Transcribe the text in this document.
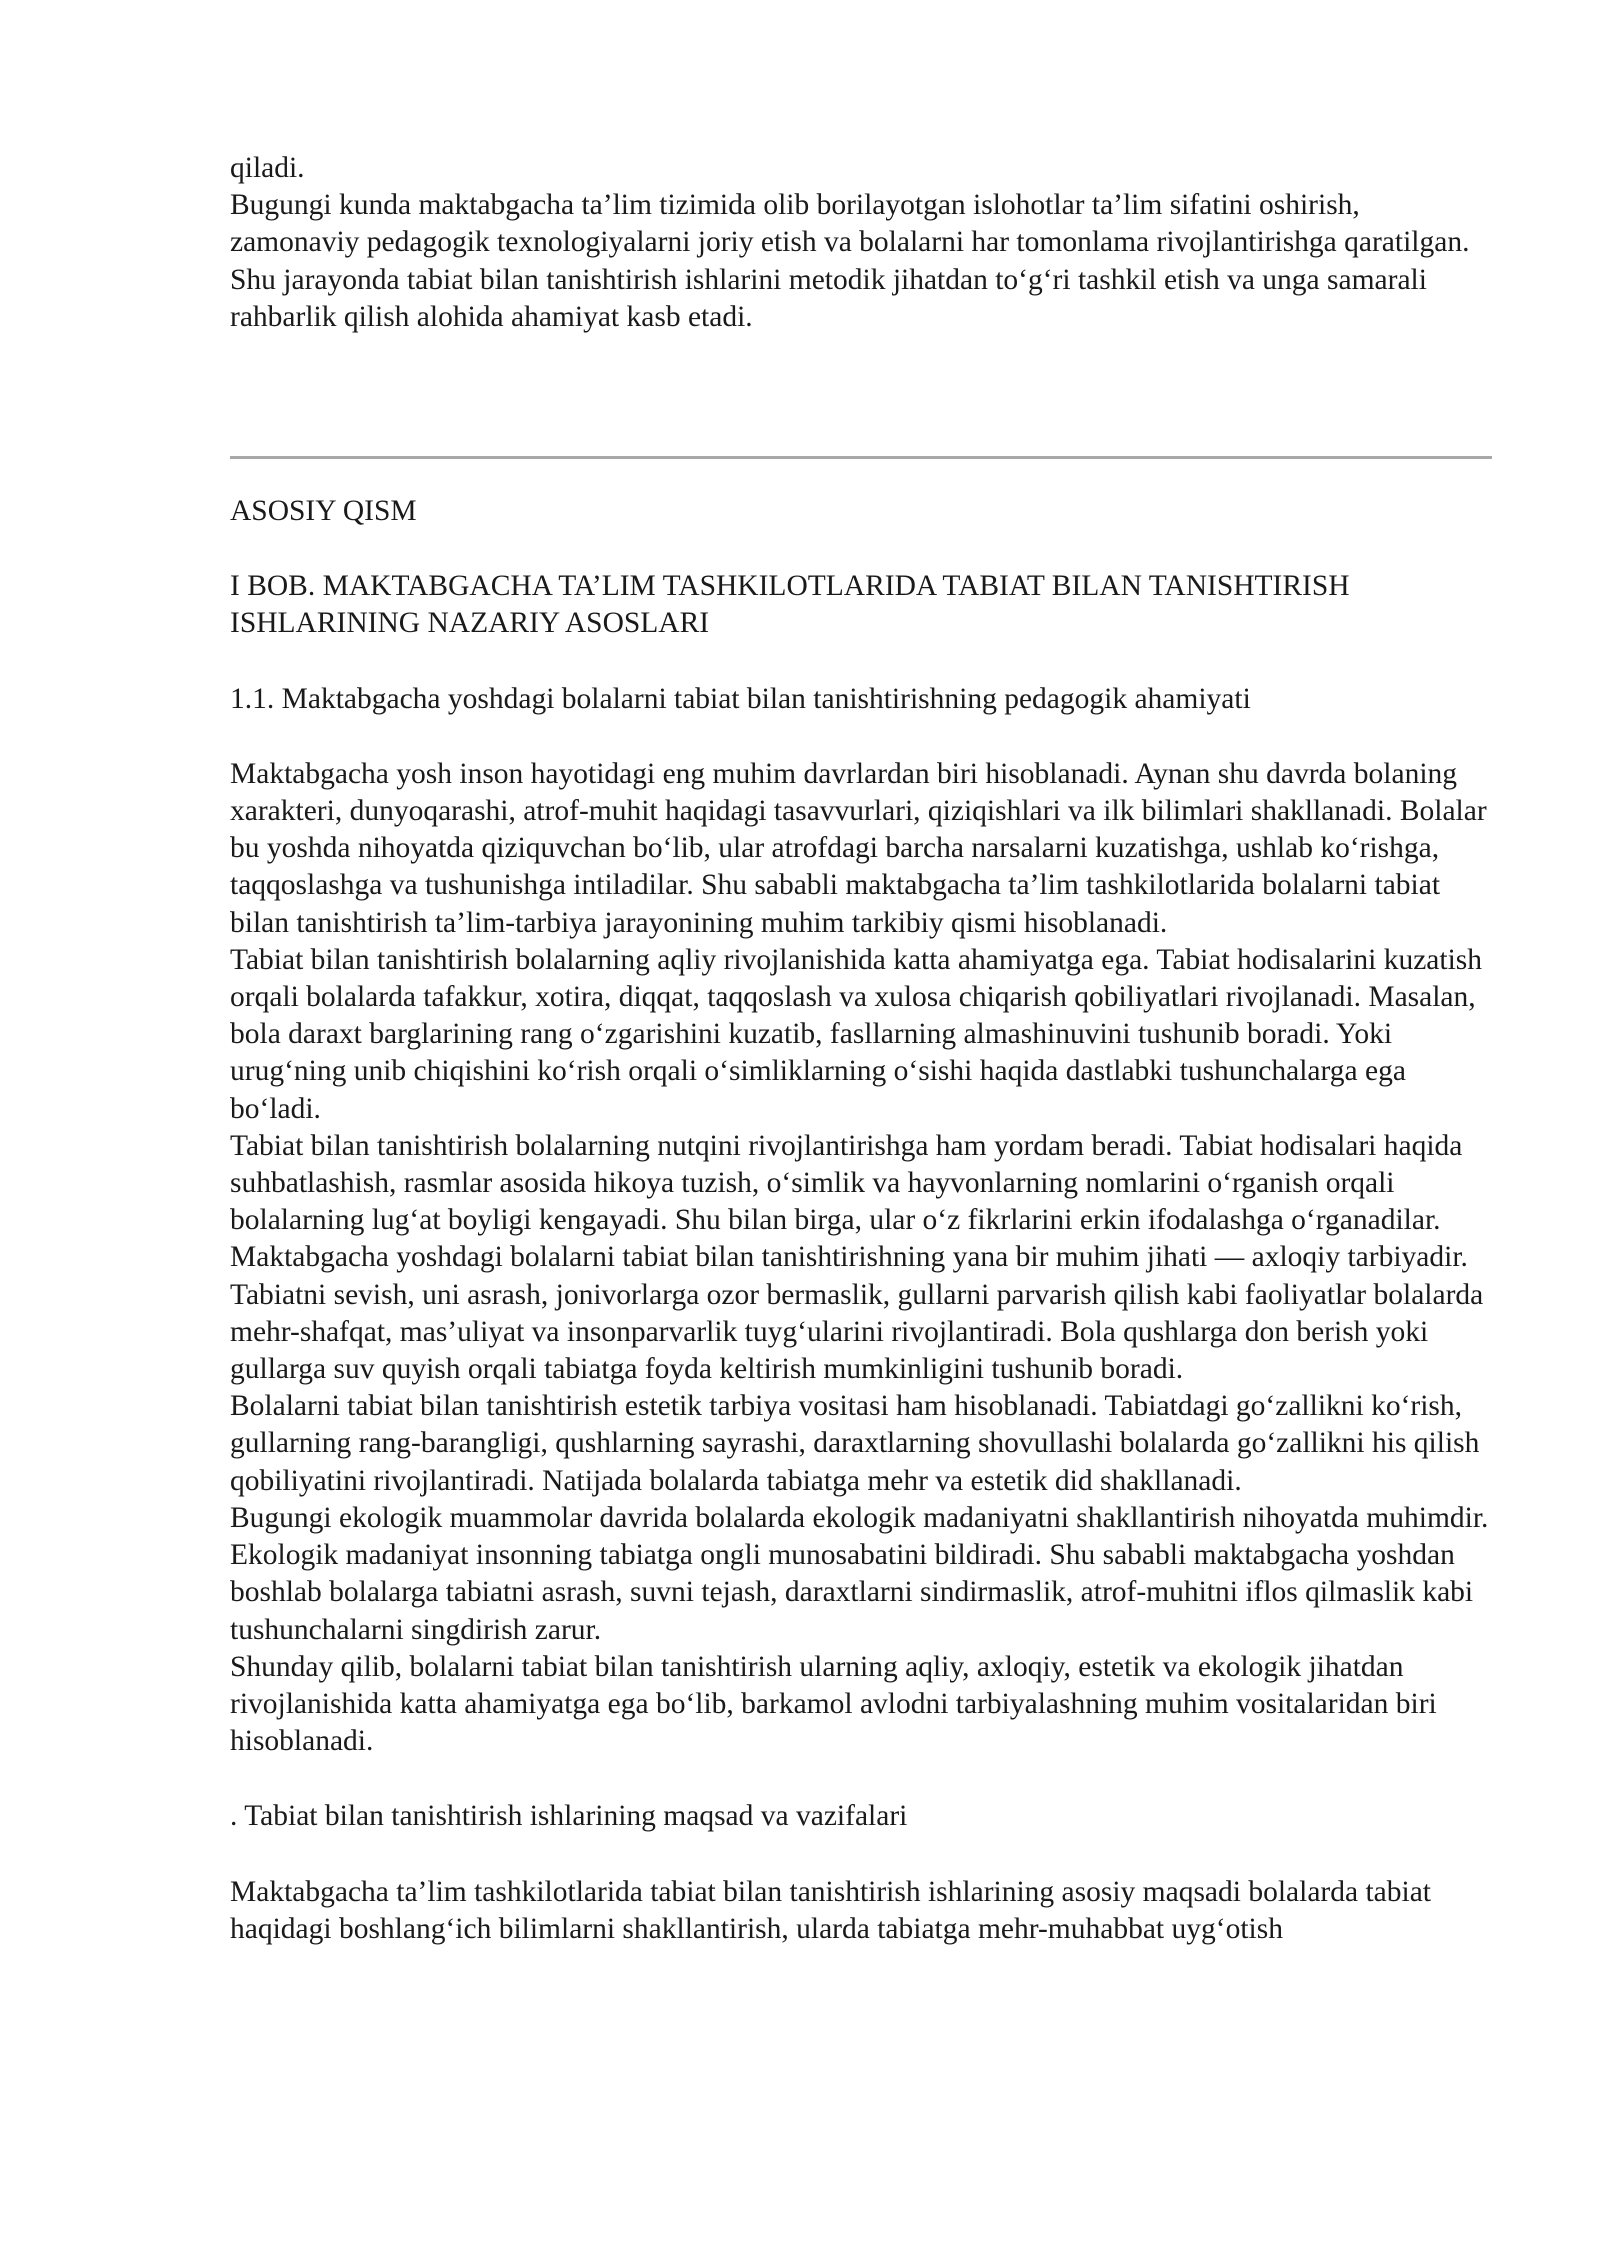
qiladi.

Bugungi kunda maktabgacha ta’lim tizimida olib borilayotgan islohotlar ta’lim sifatini oshirish, zamonaviy pedagogik texnologiyalarni joriy etish va bolalarni har tomonlama rivojlantirishga qaratilgan. Shu jarayonda tabiat bilan tanishtirish ishlarini metodik jihatdan to‘g‘ri tashkil etish va unga samarali rahbarlik qilish alohida ahamiyat kasb etadi.

ASOSIY QISM

I BOB. MAKTABGACHA TA’LIM TASHKILOTLARIDA TABIAT BILAN TANISHTIRISH ISHLARINING NAZARIY ASOSLARI

1.1. Maktabgacha yoshdagi bolalarni tabiat bilan tanishtirishning pedagogik ahamiyati

Maktabgacha yosh inson hayotidagi eng muhim davrlardan biri hisoblanadi. Aynan shu davrda bolaning xarakteri, dunyoqarashi, atrof-muhit haqidagi tasavvurlari, qiziqishlari va ilk bilimlari shakllanadi. Bolalar bu yoshda nihoyatda qiziquvchan bo‘lib, ular atrofdagi barcha narsalarni kuzatishga, ushlab ko‘rishga, taqqoslashga va tushunishga intiladilar. Shu sababli maktabgacha ta’lim tashkilotlarida bolalarni tabiat bilan tanishtirish ta’lim-tarbiya jarayonining muhim tarkibiy qismi hisoblanadi.

Tabiat bilan tanishtirish bolalarning aqliy rivojlanishida katta ahamiyatga ega. Tabiat hodisalarini kuzatish orqali bolalarda tafakkur, xotira, diqqat, taqqoslash va xulosa chiqarish qobiliyatlari rivojlanadi. Masalan, bola daraxt barglarining rang o‘zgarishini kuzatib, fasllarning almashinuvini tushunib boradi. Yoki urug‘ning unib chiqishini ko‘rish orqali o‘simliklarning o‘sishi haqida dastlabki tushunchalarga ega bo‘ladi.

Tabiat bilan tanishtirish bolalarning nutqini rivojlantirishga ham yordam beradi. Tabiat hodisalari haqida suhbatlashish, rasmlar asosida hikoya tuzish, o‘simlik va hayvonlarning nomlarini o‘rganish orqali bolalarning lug‘at boyligi kengayadi. Shu bilan birga, ular o‘z fikrlarini erkin ifodalashga o‘rganadilar.

Maktabgacha yoshdagi bolalarni tabiat bilan tanishtirishning yana bir muhim jihati — axloqiy tarbiyadir. Tabiatni sevish, uni asrash, jonivorlarga ozor bermaslik, gullarni parvarish qilish kabi faoliyatlar bolalarda mehr-shafqat, mas’uliyat va insonparvarlik tuyg‘ularini rivojlantiradi. Bola qushlarga don berish yoki gullarga suv quyish orqali tabiatga foyda keltirish mumkinligini tushunib boradi.

Bolalarni tabiat bilan tanishtirish estetik tarbiya vositasi ham hisoblanadi. Tabiatdagi go‘zallikni ko‘rish, gullarning rang-barangligi, qushlarning sayrashi, daraxtlarning shovullashi bolalarda go‘zallikni his qilish qobiliyatini rivojlantiradi. Natijada bolalarda tabiatga mehr va estetik did shakllanadi.

Bugungi ekologik muammolar davrida bolalarda ekologik madaniyatni shakllantirish nihoyatda muhimdir. Ekologik madaniyat insonning tabiatga ongli munosabatini bildiradi. Shu sababli maktabgacha yoshdan boshlab bolalarga tabiatni asrash, suvni tejash, daraxtlarni sindirmaslik, atrof-muhitni iflos qilmaslik kabi tushunchalarni singdirish zarur.

Shunday qilib, bolalarni tabiat bilan tanishtirish ularning aqliy, axloqiy, estetik va ekologik jihatdan rivojlanishida katta ahamiyatga ega bo‘lib, barkamol avlodni tarbiyalashning muhim vositalaridan biri hisoblanadi.

. Tabiat bilan tanishtirish ishlarining maqsad va vazifalari

Maktabgacha ta’lim tashkilotlarida tabiat bilan tanishtirish ishlarining asosiy maqsadi bolalarda tabiat haqidagi boshlang‘ich bilimlarni shakllantirish, ularda tabiatga mehr-muhabbat uyg‘otish
